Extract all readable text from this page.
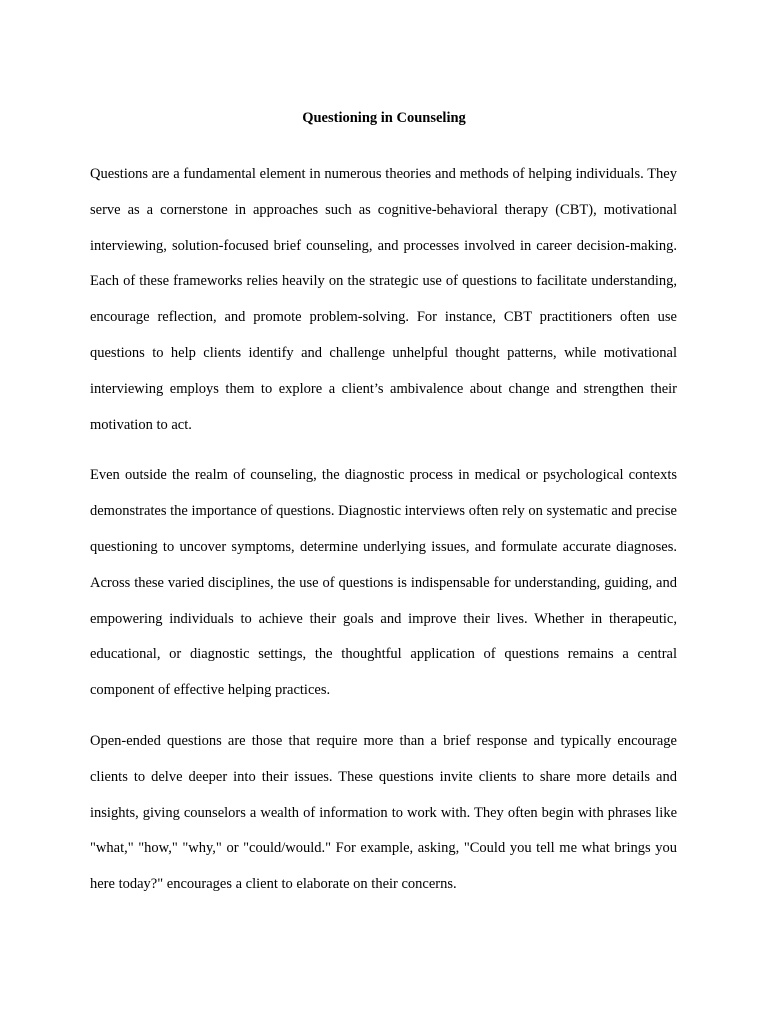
Questioning in Counseling

Questions are a fundamental element in numerous theories and methods of helping individuals. They serve as a cornerstone in approaches such as cognitive-behavioral therapy (CBT), motivational interviewing, solution-focused brief counseling, and processes involved in career decision-making. Each of these frameworks relies heavily on the strategic use of questions to facilitate understanding, encourage reflection, and promote problem-solving. For instance, CBT practitioners often use questions to help clients identify and challenge unhelpful thought patterns, while motivational interviewing employs them to explore a client’s ambivalence about change and strengthen their motivation to act.

Even outside the realm of counseling, the diagnostic process in medical or psychological contexts demonstrates the importance of questions. Diagnostic interviews often rely on systematic and precise questioning to uncover symptoms, determine underlying issues, and formulate accurate diagnoses. Across these varied disciplines, the use of questions is indispensable for understanding, guiding, and empowering individuals to achieve their goals and improve their lives. Whether in therapeutic, educational, or diagnostic settings, the thoughtful application of questions remains a central component of effective helping practices.

Open-ended questions are those that require more than a brief response and typically encourage clients to delve deeper into their issues. These questions invite clients to share more details and insights, giving counselors a wealth of information to work with. They often begin with phrases like "what," "how," "why," or "could/would." For example, asking, "Could you tell me what brings you here today?" encourages a client to elaborate on their concerns.
